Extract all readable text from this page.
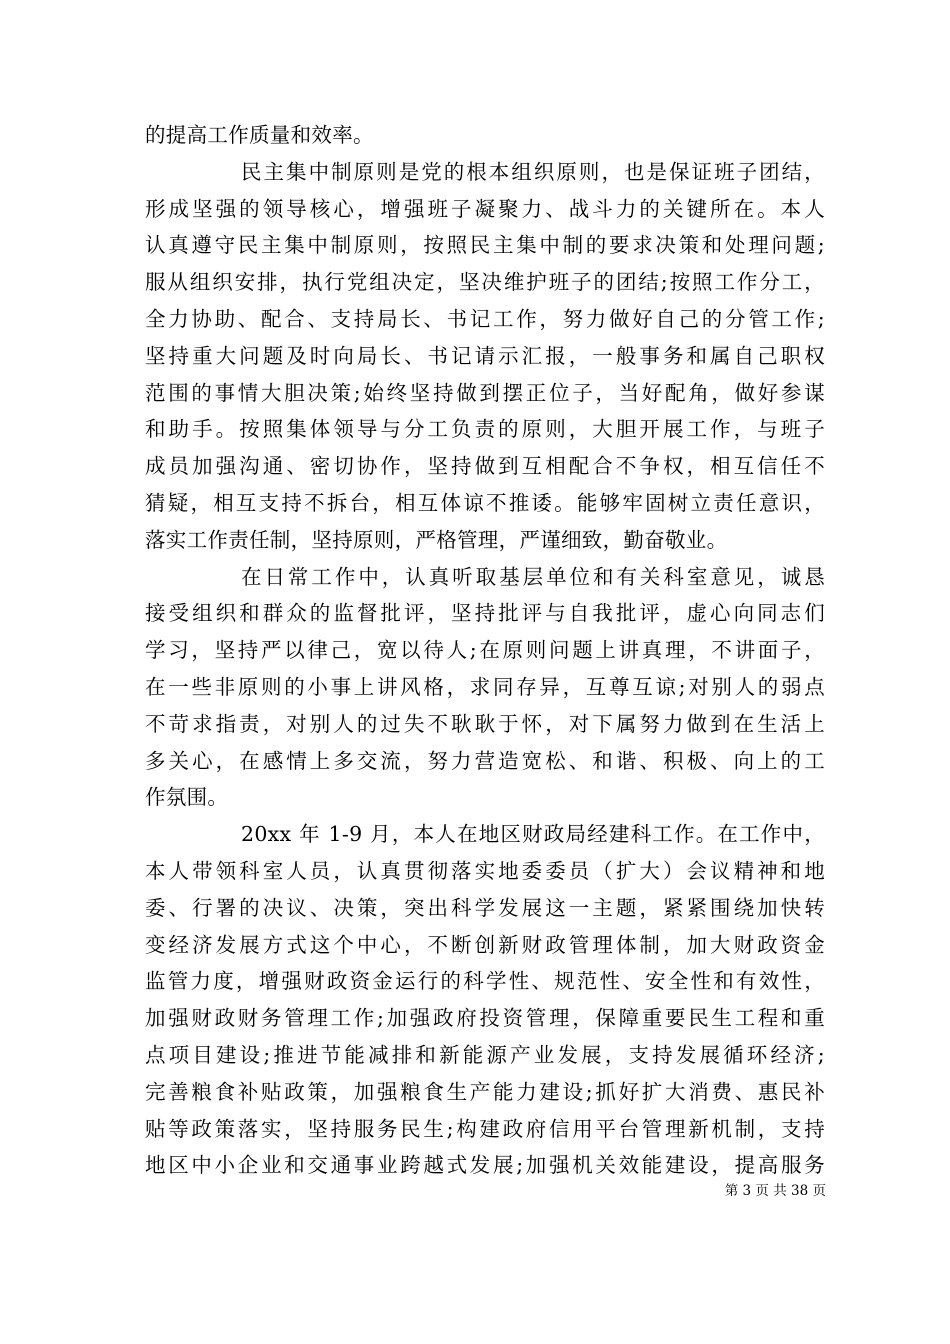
的提高工作质量和效率。
民主集中制原则是党的根本组织原则，也是保证班子团结，
形成坚强的领导核心，增强班子凝聚力、战斗力的关键所在。本人
认真遵守民主集中制原则，按照民主集中制的要求决策和处理问题;
服从组织安排，执行党组决定，坚决维护班子的团结;按照工作分工，
全力协助、配合、支持局长、书记工作，努力做好自己的分管工作;
坚持重大问题及时向局长、书记请示汇报，一般事务和属自己职权
范围的事情大胆决策;始终坚持做到摆正位子，当好配角，做好参谋
和助手。按照集体领导与分工负责的原则，大胆开展工作，与班子
成员加强沟通、密切协作，坚持做到互相配合不争权，相互信任不
猜疑，相互支持不拆台，相互体谅不推诿。能够牢固树立责任意识，
落实工作责任制，坚持原则，严格管理，严谨细致，勤奋敬业。
在日常工作中，认真听取基层单位和有关科室意见，诚恳
接受组织和群众的监督批评，坚持批评与自我批评，虚心向同志们
学习，坚持严以律己，宽以待人;在原则问题上讲真理，不讲面子，
在一些非原则的小事上讲风格，求同存异，互尊互谅;对别人的弱点
不苛求指责，对别人的过失不耿耿于怀，对下属努力做到在生活上
多关心，在感情上多交流，努力营造宽松、和谐、积极、向上的工
作氛围。
20xx 年 1-9 月，本人在地区财政局经建科工作。在工作中，
本人带领科室人员，认真贯彻落实地委委员（扩大）会议精神和地
委、行署的决议、决策，突出科学发展这一主题，紧紧围绕加快转
变经济发展方式这个中心，不断创新财政管理体制，加大财政资金
监管力度，增强财政资金运行的科学性、规范性、安全性和有效性，
加强财政财务管理工作;加强政府投资管理，保障重要民生工程和重
点项目建设;推进节能减排和新能源产业发展，支持发展循环经济;
完善粮食补贴政策，加强粮食生产能力建设;抓好扩大消费、惠民补
贴等政策落实，坚持服务民生;构建政府信用平台管理新机制，支持
地区中小企业和交通事业跨越式发展;加强机关效能建设，提高服务
第 3 页 共 38 页
